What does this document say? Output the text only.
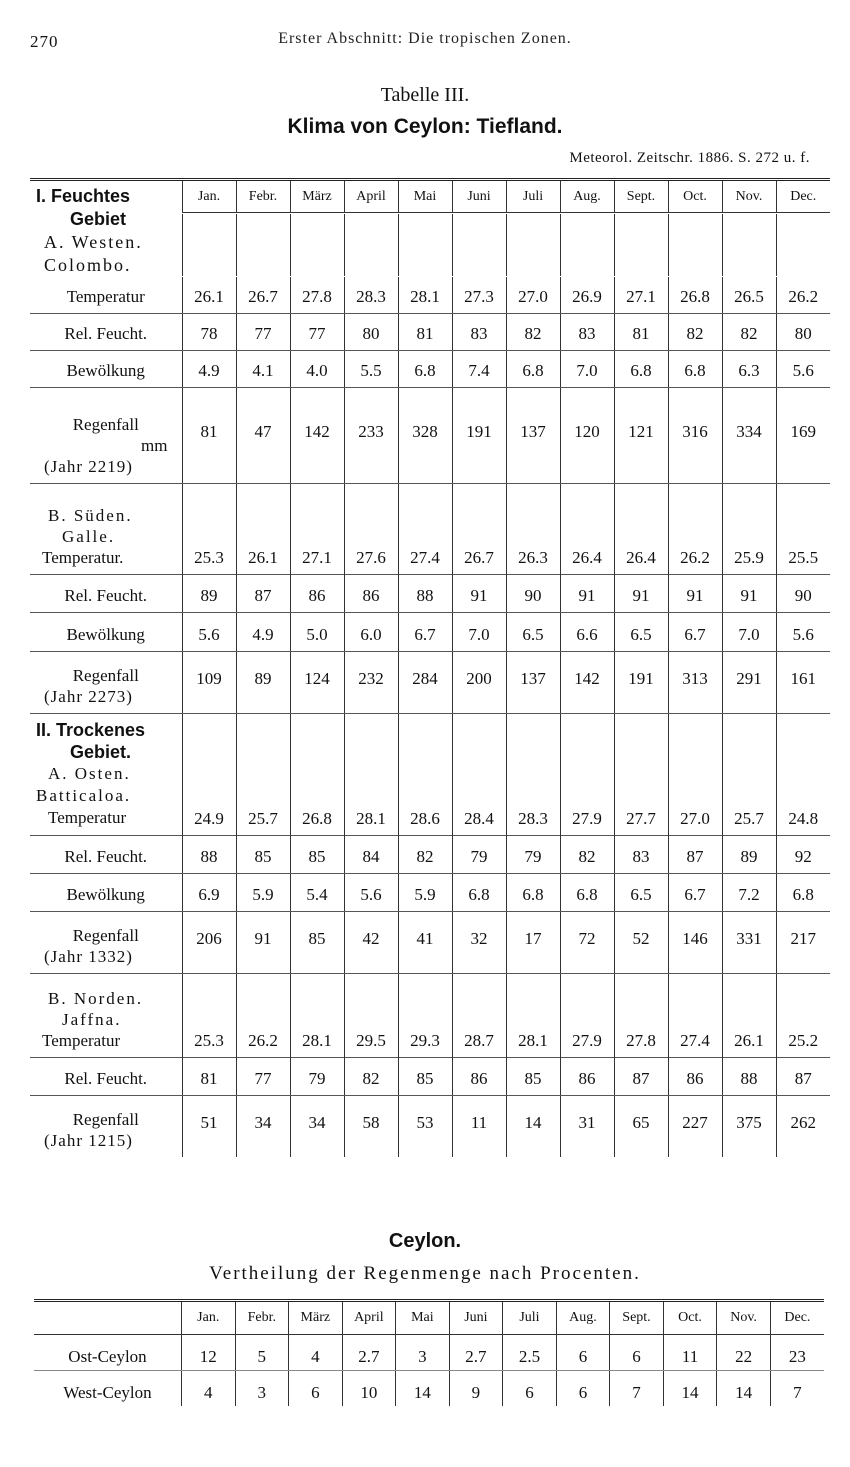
270	Erster Abschnitt: Die tropischen Zonen.
Tabelle III.
Klima von Ceylon: Tiefland.
Meteorol. Zeitschr. 1886. S. 272 u. f.
I. Feuchtes
Gebiet
A. Westen.
Colombo.	Jan.	Febr.	März	April	Mai	Juni	Juli	Aug.	Sept.	Oct.	Nov.	Dec.

Temperatur	26.1	26.7	27.8	28.3	28.1	27.3	27.0	26.9	27.1	26.8	26.5	26.2
Rel. Feucht.	78	77	77	80	81	83	82	83	81	82	82	80
Bewölkung	4.9	4.1	4.0	5.5	6.8	7.4	6.8	7.0	6.8	6.8	6.3	5.6

Regenfall
mm
(Jahr 2219)	81	47	142	233	328	191	137	120	121	316	334	169

B. Süden.
Galle.
Temperatur.	25.3	26.1	27.1	27.6	27.4	26.7	26.3	26.4	26.4	26.2	25.9	25.5
Rel. Feucht.	89	87	86	86	88	91	90	91	91	91	91	90
Bewölkung	5.6	4.9	5.0	6.0	6.7	7.0	6.5	6.6	6.5	6.7	7.0	5.6

Regenfall
(Jahr 2273)	109	89	124	232	284	200	137	142	191	313	291	161

II. Trockenes
Gebiet.
A. Osten.
Batticaloa.
Temperatur	24.9	25.7	26.8	28.1	28.6	28.4	28.3	27.9	27.7	27.0	25.7	24.8
Rel. Feucht.	88	85	85	84	82	79	79	82	83	87	89	92
Bewölkung	6.9	5.9	5.4	5.6	5.9	6.8	6.8	6.8	6.5	6.7	7.2	6.8

Regenfall
(Jahr 1332)	206	91	85	42	41	32	17	72	52	146	331	217

B. Norden.
Jaffna.
Temperatur	25.3	26.2	28.1	29.5	29.3	28.7	28.1	27.9	27.8	27.4	26.1	25.2
Rel. Feucht.	81	77	79	82	85	86	85	86	87	86	88	87

Regenfall
(Jahr 1215)	51	34	34	58	53	11	14	31	65	227	375	262
Ceylon.
Vertheilung der Regenmenge nach Procenten.
	Jan.	Febr.	März	April	Mai	Juni	Juli	Aug.	Sept.	Oct.	Nov.	Dec.
Ost-Ceylon	12	5	4	2.7	3	2.7	2.5	6	6	11	22	23
West-Ceylon	4	3	6	10	14	9	6	6	7	14	14	7
